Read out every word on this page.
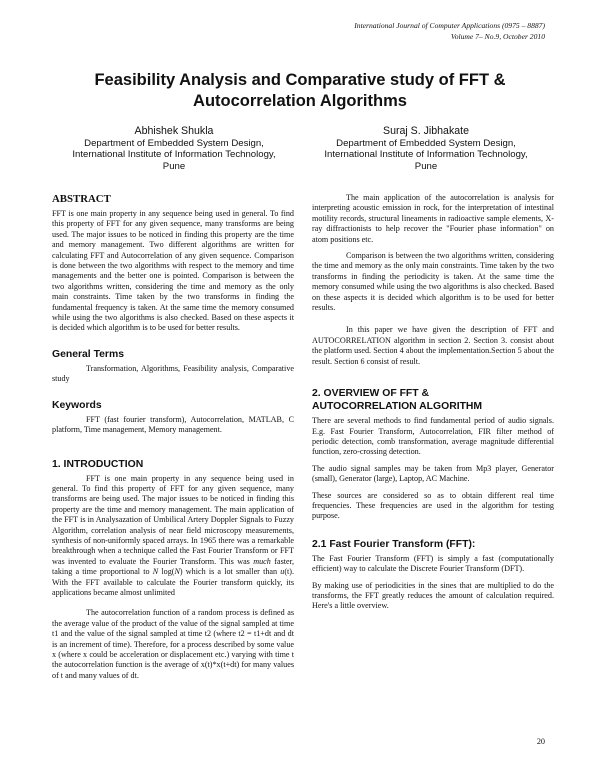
International Journal of Computer Applications (0975 – 8887)
Volume 7– No.9, October 2010
Feasibility Analysis and Comparative study of FFT &
Autocorrelation Algorithms
Abhishek Shukla
Department of Embedded System Design,
International Institute of Information Technology,
Pune
Suraj S. Jibhakate
Department of Embedded System Design,
International Institute of Information Technology,
Pune
ABSTRACT

FFT is one main property in any sequence being used in general. To find this property of FFT for any given sequence, many transforms are being used. The major issues to be noticed in finding this property are the time and memory management. Two different algorithms are written for calculating FFT and Autocorrelation of any given sequence. Comparison is done between the two algorithms with respect to the memory and time managements and the better one is pointed. Comparison is between the two algorithms written, considering the time and memory as the only main constraints. Time taken by the two transforms in finding the fundamental frequency is taken. At the same time the memory consumed while using the two algorithms is also checked. Based on these aspects it is decided which algorithm is to be used for better results.

General Terms

Transformation, Algorithms, Feasibility analysis, Comparative study

Keywords

FFT (fast fourier transform), Autocorrelation, MATLAB, C platform, Time management, Memory management.

1. INTRODUCTION

FFT is one main property in any sequence being used in general. To find this property of FFT for any given sequence, many transforms are being used. The major issues to be noticed in finding this property are the time and memory management. The main application of the FFT is in Analysazation of Umbilical Artery Doppler Signals to Fuzzy Algorithm, correlation analysis of near field microscopy measurements, synthesis of non-uniformly spaced arrays. In 1965 there was a remarkable breakthrough when a technique called the Fast Fourier Transform or FFT was invented to evaluate the Fourier Transform. This was much faster, taking a time proportional to N log(N) which is a lot smaller than u(t). With the FFT available to calculate the Fourier transform quickly, its applications became almost unlimited

The autocorrelation function of a random process is defined as the average value of the product of the value of the signal sampled at time t1 and the value of the signal sampled at time t2 (where t2 = t1+dt and dt is an increment of time). Therefore, for a process described by some value x (where x could be acceleration or displacement etc.) varying with time t the autocorrelation function is the average of x(t)*x(t+dt) for many values of t and many values of dt.

The main application of the autocorrelation is analysis for interpreting acoustic emission in rock, for the interpretation of intestinal motility records, structural lineaments in radioactive sample elements, X-ray diffractionists to help recover the "Fourier phase information" on atom positions etc.

Comparison is between the two algorithms written, considering the time and memory as the only main constraints. Time taken by the two transforms in finding the periodicity is taken. At the same time the memory consumed while using the two algorithms is also checked. Based on these aspects it is decided which algorithm is to be used for better results.

In this paper we have given the description of FFT and AUTOCORRELATION algorithm in section 2. Section 3. consist about the platform used. Section 4 about the implementation.Section 5 about the result. Section 6 consist of result.

2. OVERVIEW OF FFT &
AUTOCORRELATION ALGORITHM

There are several methods to find fundamental period of audio signals. E.g. Fast Fourier Transform, Autocorrelation, FIR filter method of periodic detection, comb transformation, average magnitude differential function, zero-crossing detection.

The audio signal samples may be taken from Mp3 player, Generator (small), Generator (large), Laptop, AC Machine.

These sources are considered so as to obtain different real time frequencies. These frequencies are used in the algorithm for testing purpose.

2.1 Fast Fourier Transform (FFT):

The Fast Fourier Transform (FFT) is simply a fast (computationally efficient) way to calculate the Discrete Fourier Transform (DFT).

By making use of periodicities in the sines that are multiplied to do the transforms, the FFT greatly reduces the amount of calculation required. Here's a little overview.

20
